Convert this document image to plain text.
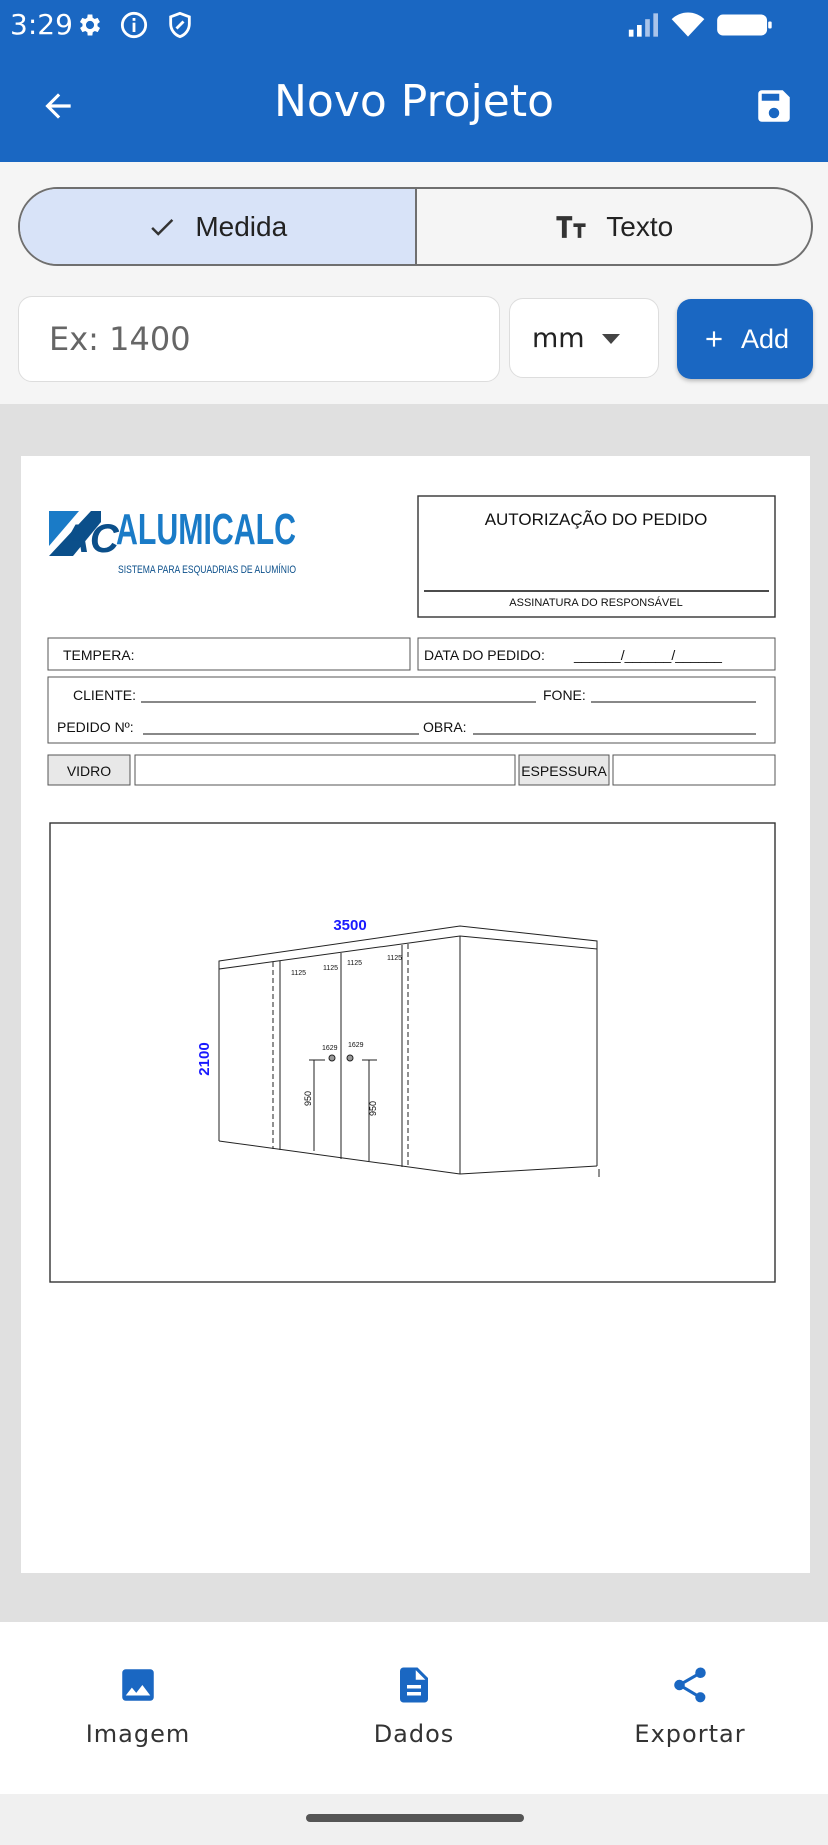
3:29
Novo Projeto
Medida	Texto
Ex: 1400
mm	Add
AC
ALUMICALC
SISTEMA PARA ESQUADRIAS DE ALUMÍNIO
AUTORIZAÇÃO DO PEDIDO
ASSINATURA DO RESPONSÁVEL
TEMPERA:	DATA DO PEDIDO: ______/______/______
CLIENTE:	FONE:
PEDIDO Nº:	OBRA:
VIDRO	ESPESSURA
3500
2100
1125
1125
1125
1125
1629 1629
950
950
Imagem	Dados	Exportar
